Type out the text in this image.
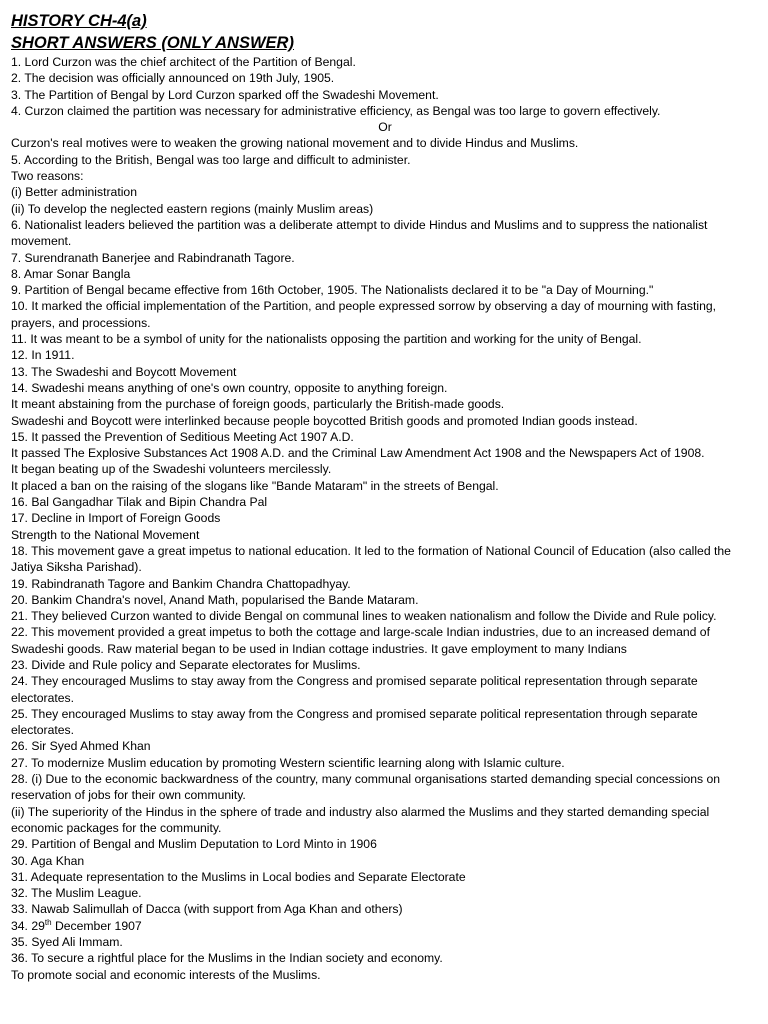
HISTORY CH-4(a)
SHORT ANSWERS (ONLY ANSWER)
1. Lord Curzon was the chief architect of the Partition of Bengal.
2. The decision was officially announced on 19th July, 1905.
3. The Partition of Bengal by Lord Curzon sparked off the Swadeshi Movement.
4. Curzon claimed the partition was necessary for administrative efficiency, as Bengal was too large to govern effectively.
Or
Curzon's real motives were to weaken the growing national movement and to divide Hindus and Muslims.
5. According to the British, Bengal was too large and difficult to administer.
Two reasons:
(i) Better administration
(ii) To develop the neglected eastern regions (mainly Muslim areas)
6. Nationalist leaders believed the partition was a deliberate attempt to divide Hindus and Muslims and to suppress the nationalist movement.
7. Surendranath Banerjee and Rabindranath Tagore.
8. Amar Sonar Bangla
9. Partition of Bengal became effective from 16th October, 1905. The Nationalists declared it to be "a Day of Mourning."
10. It marked the official implementation of the Partition, and people expressed sorrow by observing a day of mourning with fasting, prayers, and processions.
11. It was meant to be a symbol of unity for the nationalists opposing the partition and working for the unity of Bengal.
12. In 1911.
13. The Swadeshi and Boycott Movement
14. Swadeshi means anything of one's own country, opposite to anything foreign.
It meant abstaining from the purchase of foreign goods, particularly the British-made goods.
Swadeshi and Boycott were interlinked because people boycotted British goods and promoted Indian goods instead.
15. It passed the Prevention of Seditious Meeting Act 1907 A.D.
It passed The Explosive Substances Act 1908 A.D. and the Criminal Law Amendment Act 1908 and the Newspapers Act of 1908.
It began beating up of the Swadeshi volunteers mercilessly.
It placed a ban on the raising of the slogans like "Bande Mataram" in the streets of Bengal.
16. Bal Gangadhar Tilak and Bipin Chandra Pal
17. Decline in Import of Foreign Goods
Strength to the National Movement
18. This movement gave a great impetus to national education. It led to the formation of National Council of Education (also called the Jatiya Siksha Parishad).
19. Rabindranath Tagore and Bankim Chandra Chattopadhyay.
20. Bankim Chandra's novel, Anand Math, popularised the Bande Mataram.
21. They believed Curzon wanted to divide Bengal on communal lines to weaken nationalism and follow the Divide and Rule policy.
22. This movement provided a great impetus to both the cottage and large-scale Indian industries, due to an increased demand of Swadeshi goods. Raw material began to be used in Indian cottage industries. It gave employment to many Indians
23. Divide and Rule policy and Separate electorates for Muslims.
24. They encouraged Muslims to stay away from the Congress and promised separate political representation through separate electorates.
25. They encouraged Muslims to stay away from the Congress and promised separate political representation through separate electorates.
26. Sir Syed Ahmed Khan
27. To modernize Muslim education by promoting Western scientific learning along with Islamic culture.
28. (i) Due to the economic backwardness of the country, many communal organisations started demanding special concessions on reservation of jobs for their own community.
(ii) The superiority of the Hindus in the sphere of trade and industry also alarmed the Muslims and they started demanding special economic packages for the community.
29. Partition of Bengal and Muslim Deputation to Lord Minto in 1906
30. Aga Khan
31. Adequate representation to the Muslims in Local bodies and Separate Electorate
32. The Muslim League.
33. Nawab Salimullah of Dacca (with support from Aga Khan and others)
34. 29th December 1907
35. Syed Ali Immam.
36. To secure a rightful place for the Muslims in the Indian society and economy.
To promote social and economic interests of the Muslims.
